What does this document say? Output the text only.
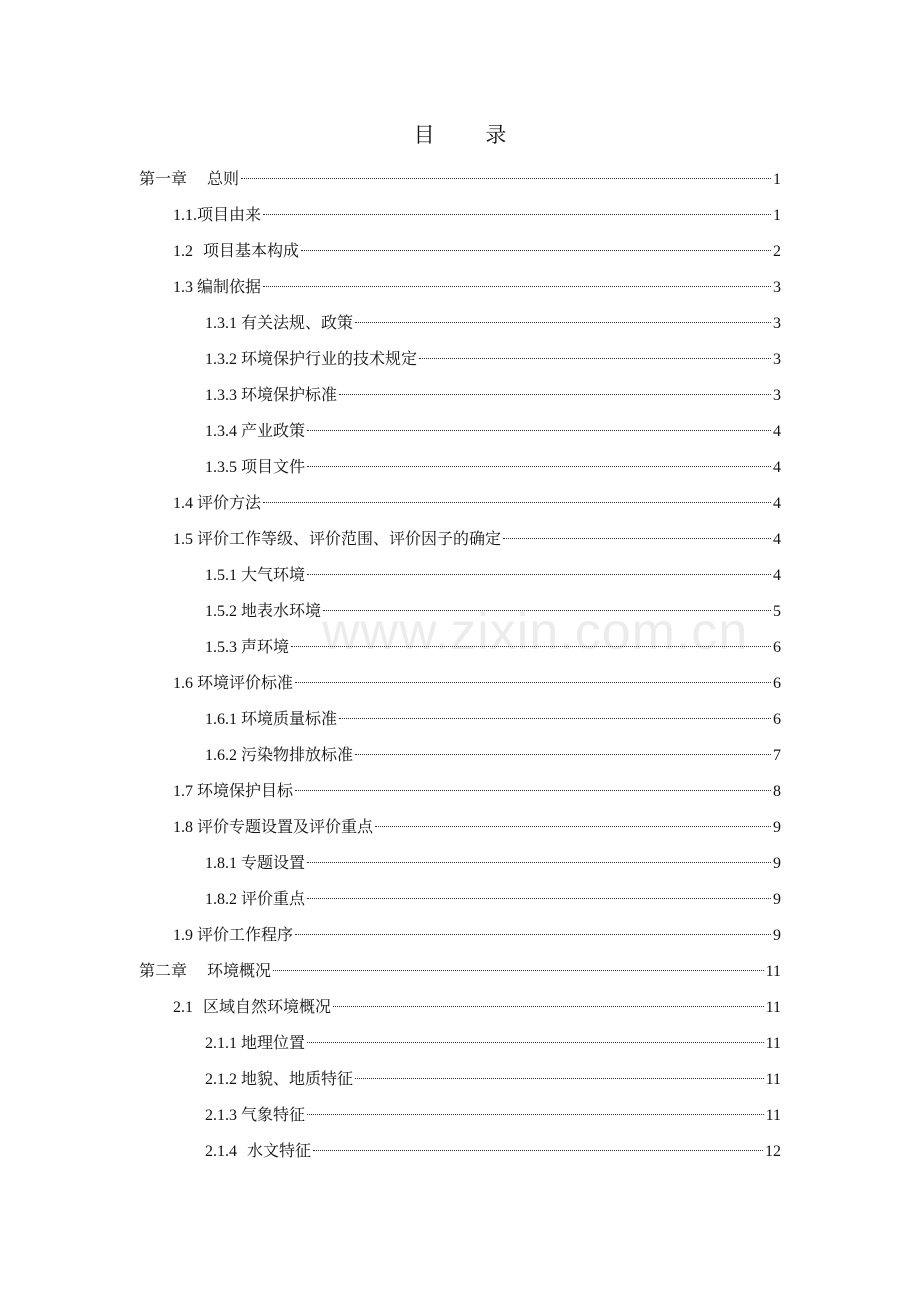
目 录
www.zixin.com.cn
第一章 总则	1
1.1. 项目由来	1
1.2 项目基本构成	2
1.3 编制依据	3
1.3.1 有关法规、政策	3
1.3.2 环境保护行业的技术规定	3
1.3.3 环境保护标准	3
1.3.4 产业政策	4
1.3.5 项目文件	4
1.4 评价方法	4
1.5 评价工作等级、评价范围、评价因子的确定	4
1.5.1 大气环境	4
1.5.2 地表水环境	5
1.5.3 声环境	6
1.6 环境评价标准	6
1.6.1 环境质量标准	6
1.6.2 污染物排放标准	7
1.7 环境保护目标	8
1.8 评价专题设置及评价重点	9
1.8.1 专题设置	9
1.8.2 评价重点	9
1.9 评价工作程序	9
第二章 环境概况	11
2.1 区域自然环境概况	11
2.1.1 地理位置	11
2.1.2 地貌、地质特征	11
2.1.3 气象特征	11
2.1.4 水文特征	12
